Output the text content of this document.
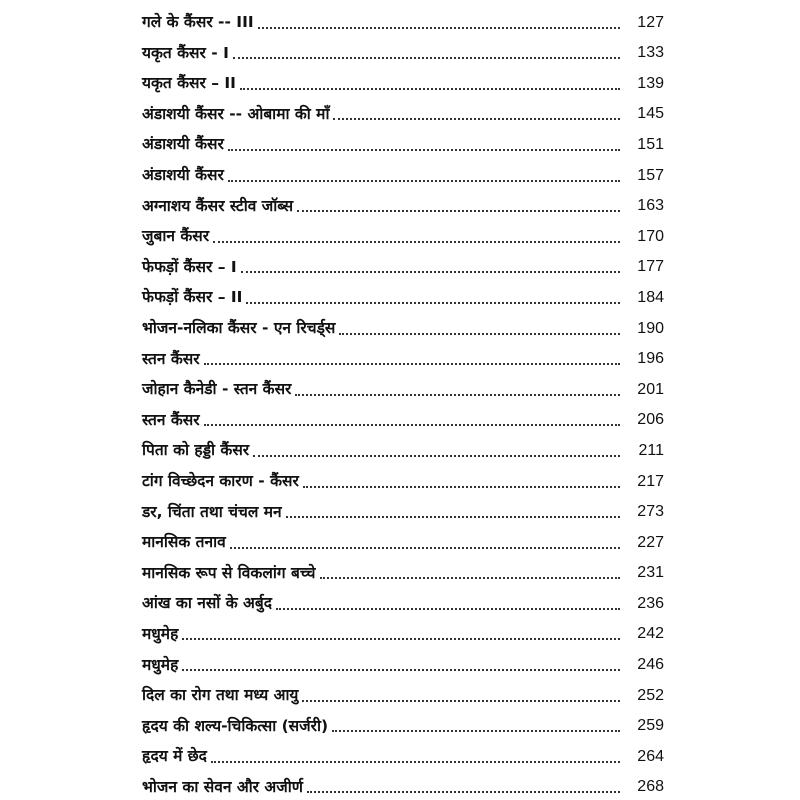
गले के कैंसर -- III	127
यकृत कैंसर - I	133
यकृत कैंसर – II	139
अंडाशयी कैंसर -- ओबामा की माँ	145
अंडाशयी कैंसर	151
अंडाशयी कैंसर	157
अग्नाशय कैंसर स्टीव जॉब्स	163
जुबान कैंसर	170
फेफड़ों कैंसर – I	177
फेफड़ों कैंसर – II	184
भोजन-नलिका कैंसर - एन रिचर्ड्स	190
स्तन कैंसर	196
जोहान कैनेडी - स्तन कैंसर	201
स्तन कैंसर	206
पिता को हड्डी कैंसर	211
टांग विच्छेदन कारण - कैंसर	217
डर, चिंता तथा चंचल मन	273
मानसिक तनाव	227
मानसिक रूप से विकलांग बच्चे	231
आंख का नसों के अर्बुद	236
मधुमेह	242
मधुमेह	246
दिल का रोग तथा मध्य आयु	252
हृदय की शल्य-चिकित्सा (सर्जरी)	259
हृदय में छेद	264
भोजन का सेवन और अजीर्ण	268
